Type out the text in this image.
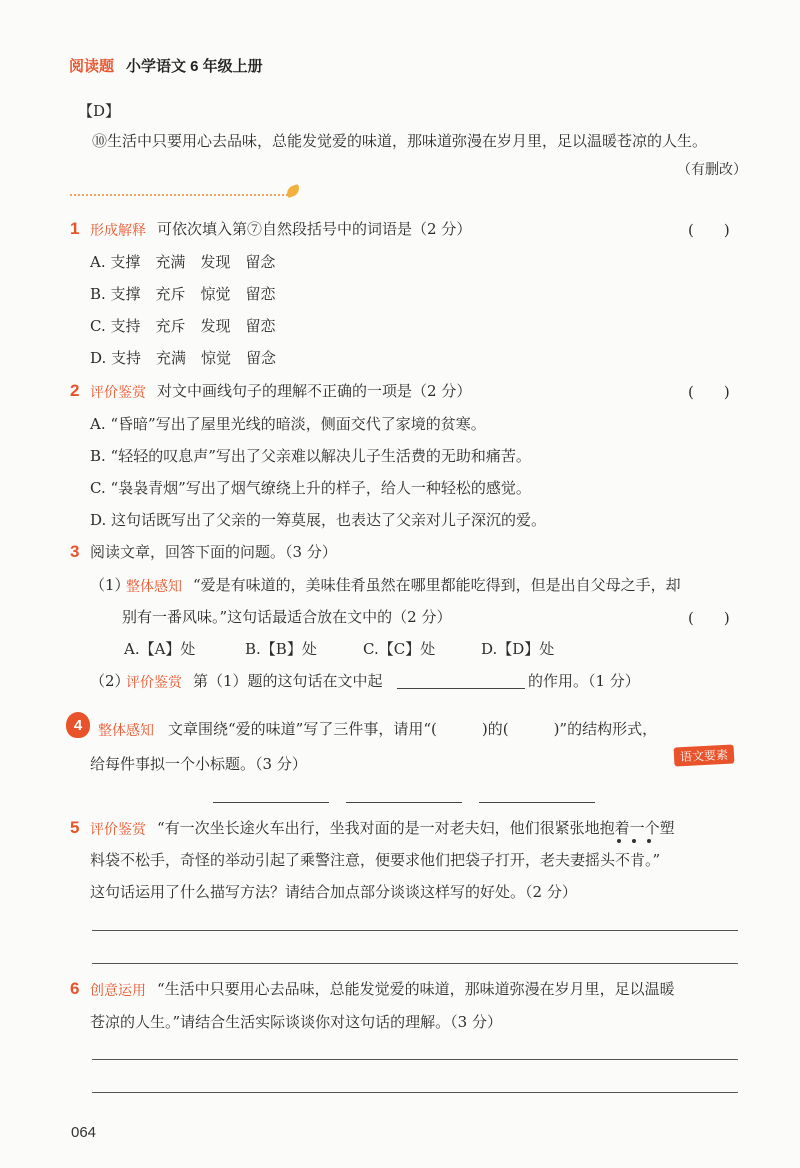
阅读题 小学语文 6 年级上册
【D】
⑩生活中只要用心去品味，总能发觉爱的味道，那味道弥漫在岁月里，足以温暖苍凉的人生。
（有删改）
1 形成解释 可依次填入第⑦自然段括号中的词语是（2 分）	(　　)
A. 支撑　充满　发现　留念
B. 支撑　充斥　惊觉　留恋
C. 支持　充斥　发现　留恋
D. 支持　充满　惊觉　留念
2 评价鉴赏 对文中画线句子的理解不正确的一项是（2 分）	(　　)
A. “昏暗”写出了屋里光线的暗淡，侧面交代了家境的贫寒。
B. “轻轻的叹息声”写出了父亲难以解决儿子生活费的无助和痛苦。
C. “袅袅青烟”写出了烟气缭绕上升的样子，给人一种轻松的感觉。
D. 这句话既写出了父亲的一筹莫展，也表达了父亲对儿子深沉的爱。
3 阅读文章，回答下面的问题。（3 分）
（1）
整体感知 “爱是有味道的，美味佳肴虽然在哪里都能吃得到，但是出自父母之手，却
别有一番风味。”这句话最适合放在文中的（2 分）	(　　)
A.【A】处	B.【B】处	C.【C】处	D.【D】处
（2）
评价鉴赏 第（1）题的这句话在文中起	的作用。（1 分）
4	整体感知 文章围绕“爱的味道”写了三件事，请用“(　　　)的(　　　)”的结构形式，
语文要素
给每件事拟一个小标题。（3 分）
5 评价鉴赏 “有一次坐长途火车出行，坐我对面的是一对老夫妇，他们很紧张地抱着一个塑
料袋不松手，奇怪的举动引起了乘警注意，便要求他们把袋子打开，老夫妻摇头不肯。”
这句话运用了什么描写方法？请结合加点部分谈谈这样写的好处。（2 分）
6 创意运用 “生活中只要用心去品味，总能发觉爱的味道，那味道弥漫在岁月里，足以温暖
苍凉的人生。”请结合生活实际谈谈你对这句话的理解。（3 分）
064
